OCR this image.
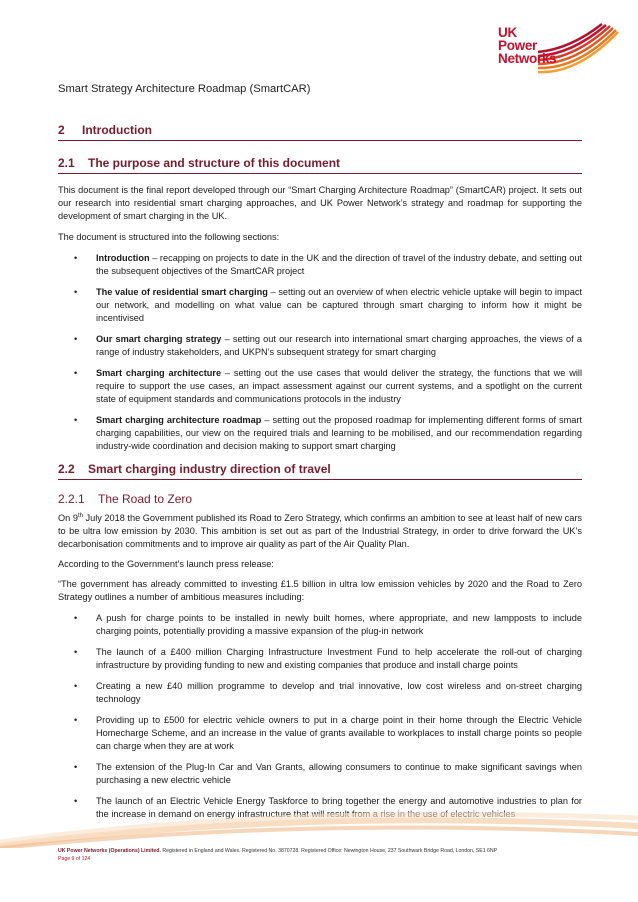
UK
Power
Networks
Smart Strategy Architecture Roadmap (SmartCAR)
2 Introduction
2.1 The purpose and structure of this document
This document is the final report developed through our “Smart Charging Architecture Roadmap” (SmartCAR) project. It sets out our research into residential smart charging approaches, and UK Power Network’s strategy and roadmap for supporting the development of smart charging in the UK.
The document is structured into the following sections:
• Introduction – recapping on projects to date in the UK and the direction of travel of the industry debate, and setting out the subsequent objectives of the SmartCAR project
• The value of residential smart charging – setting out an overview of when electric vehicle uptake will begin to impact our network, and modelling on what value can be captured through smart charging to inform how it might be incentivised
• Our smart charging strategy – setting out our research into international smart charging approaches, the views of a range of industry stakeholders, and UKPN’s subsequent strategy for smart charging
• Smart charging architecture – setting out the use cases that would deliver the strategy, the functions that we will require to support the use cases, an impact assessment against our current systems, and a spotlight on the current state of equipment standards and communications protocols in the industry
• Smart charging architecture roadmap – setting out the proposed roadmap for implementing different forms of smart charging capabilities, our view on the required trials and learning to be mobilised, and our recommendation regarding industry-wide coordination and decision making to support smart charging
2.2 Smart charging industry direction of travel
2.2.1 The Road to Zero
On 9th July 2018 the Government published its Road to Zero Strategy, which confirms an ambition to see at least half of new cars to be ultra low emission by 2030. This ambition is set out as part of the Industrial Strategy, in order to drive forward the UK’s decarbonisation commitments and to improve air quality as part of the Air Quality Plan.
According to the Government’s launch press release:
“The government has already committed to investing £1.5 billion in ultra low emission vehicles by 2020 and the Road to Zero Strategy outlines a number of ambitious measures including:
• A push for charge points to be installed in newly built homes, where appropriate, and new lampposts to include charging points, potentially providing a massive expansion of the plug-in network
• The launch of a £400 million Charging Infrastructure Investment Fund to help accelerate the roll-out of charging infrastructure by providing funding to new and existing companies that produce and install charge points
• Creating a new £40 million programme to develop and trial innovative, low cost wireless and on-street charging technology
• Providing up to £500 for electric vehicle owners to put in a charge point in their home through the Electric Vehicle Homecharge Scheme, and an increase in the value of grants available to workplaces to install charge points so people can charge when they are at work
• The extension of the Plug-In Car and Van Grants, allowing consumers to continue to make significant savings when purchasing a new electric vehicle
• The launch of an Electric Vehicle Energy Taskforce to bring together the energy and automotive industries to plan for the increase in demand on energy infrastructure that will result from a rise in the use of electric vehicles
UK Power Networks (Operations) Limited. Registered in England and Wales. Registered No. 3870728. Registered Office: Newington House, 237 Southwark Bridge Road, London, SE1 6NP
Page 9 of 124
